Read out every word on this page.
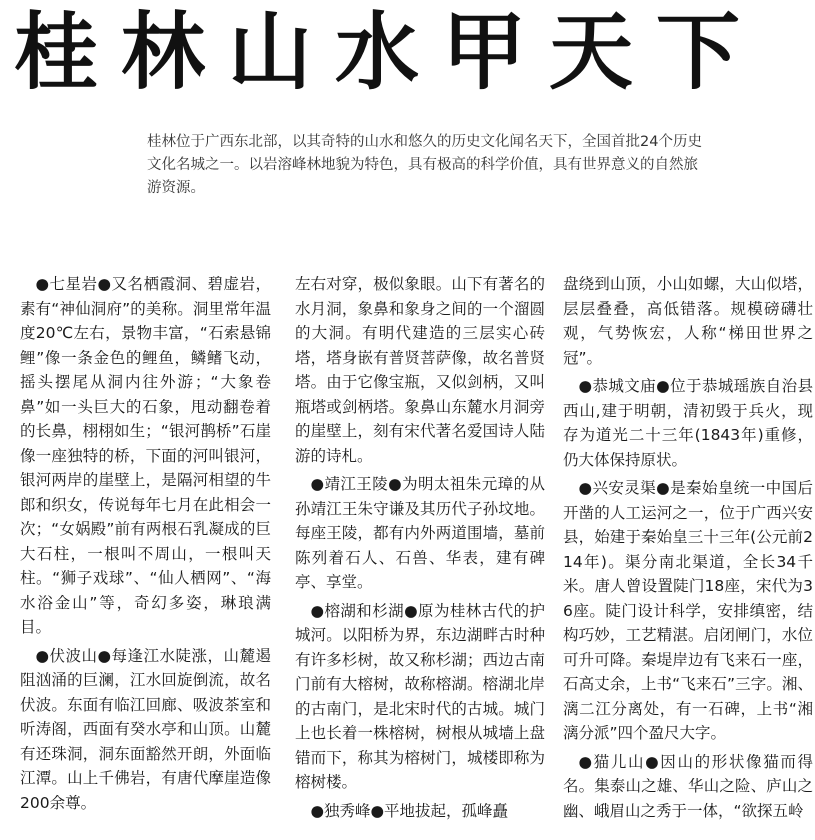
桂林山水甲天下

桂林位于广西东北部，以其奇特的山水和悠久的历史文化闻名天下，全国首批24个历史文化名城之一。以岩溶峰林地貌为特色，具有极高的科学价值，具有世界意义的自然旅游资源。

●七星岩●又名栖霞洞、碧虚岩，素有“神仙洞府”的美称。洞里常年温度20℃左右，景物丰富，“石索悬锦鲤”像一条金色的鲤鱼，鳞鳍飞动，摇头摆尾从洞内往外游；“大象卷鼻”如一头巨大的石象，甩动翻卷着的长鼻，栩栩如生；“银河鹊桥”石崖像一座独特的桥，下面的河叫银河，银河两岸的崖壁上，是隔河相望的牛郎和织女，传说每年七月在此相会一次；“女娲殿”前有两根石乳凝成的巨大石柱，一根叫不周山，一根叫天柱。“狮子戏球”、“仙人栖网”、“海水浴金山”等，奇幻多姿，琳琅满目。

●伏波山●每逢江水陡涨，山麓遏阻汹涌的巨澜，江水回旋倒流，故名伏波。东面有临江回廊、吸波茶室和听涛阁，西面有癸水亭和山顶。山麓有还珠洞，洞东面豁然开朗，外面临江潭。山上千佛岩，有唐代摩崖造像200余尊。

左右对穿，极似象眼。山下有著名的水月洞，象鼻和象身之间的一个溜圆的大洞。有明代建造的三层实心砖塔，塔身嵌有普贤菩萨像，故名普贤塔。由于它像宝瓶，又似剑柄，又叫瓶塔或剑柄塔。象鼻山东麓水月洞旁的崖壁上，刻有宋代著名爱国诗人陆游的诗札。

●靖江王陵●为明太祖朱元璋的从孙靖江王朱守谦及其历代子孙坟地。每座王陵，都有内外两道围墙，墓前陈列着石人、石兽、华表，建有碑亭、享堂。

●榕湖和杉湖●原为桂林古代的护城河。以阳桥为界，东边湖畔古时种有许多杉树，故又称杉湖；西边古南门前有大榕树，故称榕湖。榕湖北岸的古南门，是北宋时代的古城。城门上也长着一株榕树，树根从城墙上盘错而下，称其为榕树门，城楼即称为榕树楼。

●独秀峰●平地拔起，孤峰矗

盘绕到山顶，小山如螺，大山似塔，层层叠叠，高低错落。规模磅礴壮观，气势恢宏，人称“梯田世界之冠”。

●恭城文庙●位于恭城瑶族自治县西山,建于明朝，清初毁于兵火，现存为道光二十三年(1843年)重修，仍大体保持原状。

●兴安灵渠●是秦始皇统一中国后开凿的人工运河之一，位于广西兴安县，始建于秦始皇三十三年(公元前214年)。渠分南北渠道，全长34千米。唐人曾设置陡门18座，宋代为36座。陡门设计科学，安排缜密，结构巧妙，工艺精湛。启闭闸门，水位可升可降。秦堤岸边有飞来石一座，石高丈余，上书“飞来石”三字。湘、漓二江分离处，有一石碑，上书“湘漓分派”四个盈尺大字。

●猫儿山●因山的形状像猫而得名。集泰山之雄、华山之险、庐山之幽、峨眉山之秀于一体，“欲探五岭
